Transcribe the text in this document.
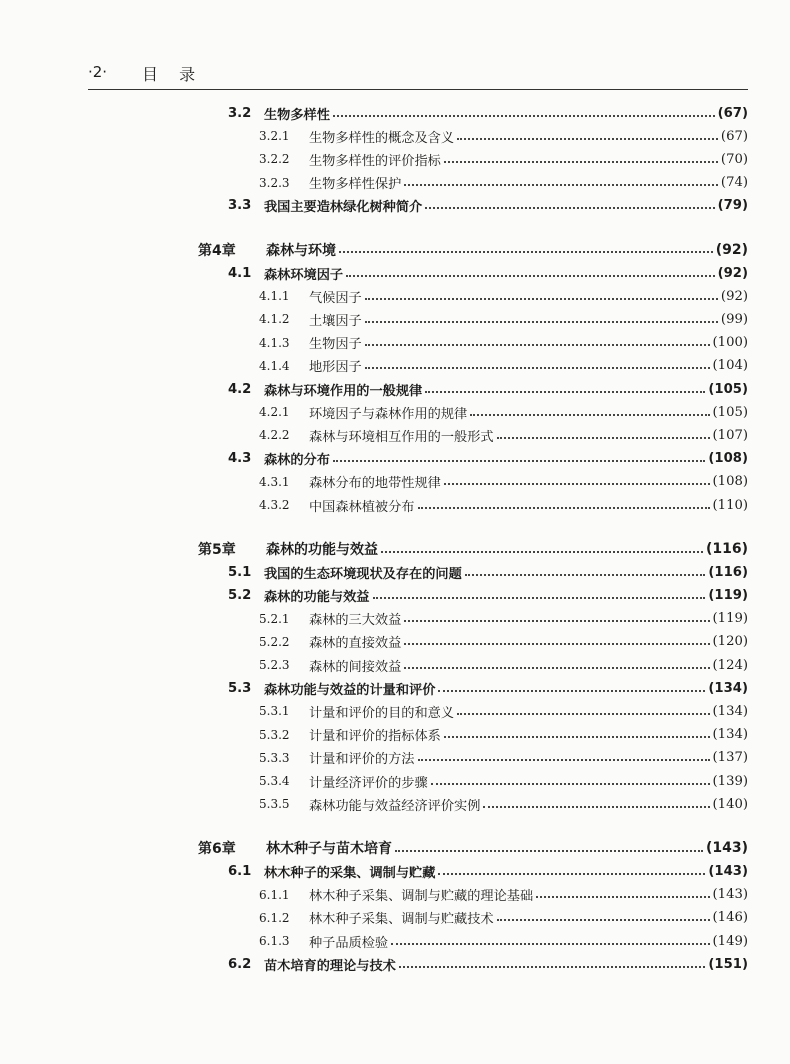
·2· 目 录
3.2 生物多样性	(67)
3.2.1	生物多样性的概念及含义	(67)
3.2.2	生物多样性的评价指标	(70)
3.2.3	生物多样性保护	(74)
3.3 我国主要造林绿化树种简介	(79)
第4章	森林与环境	(92)
4.1 森林环境因子	(92)
4.1.1	气候因子	(92)
4.1.2	土壤因子	(99)
4.1.3	生物因子	(100)
4.1.4	地形因子	(104)
4.2 森林与环境作用的一般规律	(105)
4.2.1	环境因子与森林作用的规律	(105)
4.2.2	森林与环境相互作用的一般形式	(107)
4.3 森林的分布	(108)
4.3.1	森林分布的地带性规律	(108)
4.3.2	中国森林植被分布	(110)
第5章	森林的功能与效益	(116)
5.1 我国的生态环境现状及存在的问题	(116)
5.2 森林的功能与效益	(119)
5.2.1	森林的三大效益	(119)
5.2.2	森林的直接效益	(120)
5.2.3	森林的间接效益	(124)
5.3 森林功能与效益的计量和评价	(134)
5.3.1	计量和评价的目的和意义	(134)
5.3.2	计量和评价的指标体系	(134)
5.3.3	计量和评价的方法	(137)
5.3.4	计量经济评价的步骤	(139)
5.3.5	森林功能与效益经济评价实例	(140)
第6章	林木种子与苗木培育	(143)
6.1 林木种子的采集、调制与贮藏	(143)
6.1.1	林木种子采集、调制与贮藏的理论基础	(143)
6.1.2	林木种子采集、调制与贮藏技术	(146)
6.1.3	种子品质检验	(149)
6.2 苗木培育的理论与技术	(151)
